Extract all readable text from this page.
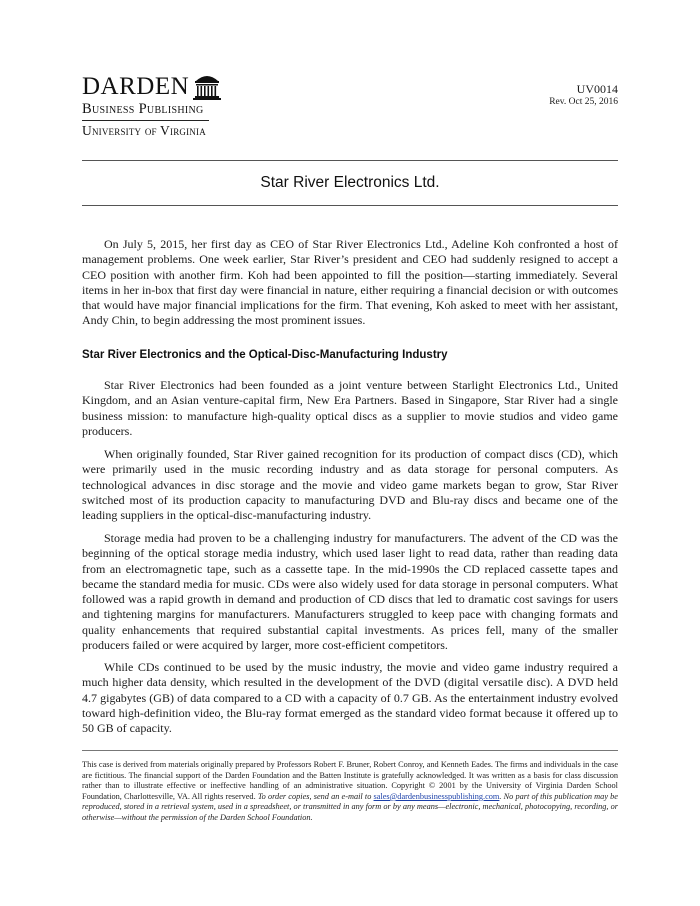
DARDEN
Business Publishing
University of Virginia
UV0014
Rev. Oct 25, 2016
Star River Electronics Ltd.

On July 5, 2015, her first day as CEO of Star River Electronics Ltd., Adeline Koh confronted a host of management problems. One week earlier, Star River’s president and CEO had suddenly resigned to accept a CEO position with another firm. Koh had been appointed to fill the position—starting immediately. Several items in her in-box that first day were financial in nature, either requiring a financial decision or with outcomes that would have major financial implications for the firm. That evening, Koh asked to meet with her assistant, Andy Chin, to begin addressing the most prominent issues.

Star River Electronics and the Optical-Disc-Manufacturing Industry

Star River Electronics had been founded as a joint venture between Starlight Electronics Ltd., United Kingdom, and an Asian venture-capital firm, New Era Partners. Based in Singapore, Star River had a single business mission: to manufacture high-quality optical discs as a supplier to movie studios and video game producers.

When originally founded, Star River gained recognition for its production of compact discs (CD), which were primarily used in the music recording industry and as data storage for personal computers. As technological advances in disc storage and the movie and video game markets began to grow, Star River switched most of its production capacity to manufacturing DVD and Blu-ray discs and became one of the leading suppliers in the optical-disc-manufacturing industry.

Storage media had proven to be a challenging industry for manufacturers. The advent of the CD was the beginning of the optical storage media industry, which used laser light to read data, rather than reading data from an electromagnetic tape, such as a cassette tape. In the mid-1990s the CD replaced cassette tapes and became the standard media for music. CDs were also widely used for data storage in personal computers. What followed was a rapid growth in demand and production of CD discs that led to dramatic cost savings for users and tightening margins for manufacturers. Manufacturers struggled to keep pace with changing formats and quality enhancements that required substantial capital investments. As prices fell, many of the smaller producers failed or were acquired by larger, more cost-efficient competitors.

While CDs continued to be used by the music industry, the movie and video game industry required a much higher data density, which resulted in the development of the DVD (digital versatile disc). A DVD held 4.7 gigabytes (GB) of data compared to a CD with a capacity of 0.7 GB. As the entertainment industry evolved toward high-definition video, the Blu-ray format emerged as the standard video format because it offered up to 50 GB of capacity.

This case is derived from materials originally prepared by Professors Robert F. Bruner, Robert Conroy, and Kenneth Eades. The firms and individuals in the case are fictitious. The financial support of the Darden Foundation and the Batten Institute is gratefully acknowledged. It was written as a basis for class discussion rather than to illustrate effective or ineffective handling of an administrative situation. Copyright © 2001 by the University of Virginia Darden School Foundation, Charlottesville, VA. All rights reserved. To order copies, send an e-mail to sales@dardenbusinesspublishing.com. No part of this publication may be reproduced, stored in a retrieval system, used in a spreadsheet, or transmitted in any form or by any means—electronic, mechanical, photocopying, recording, or otherwise—without the permission of the Darden School Foundation.
